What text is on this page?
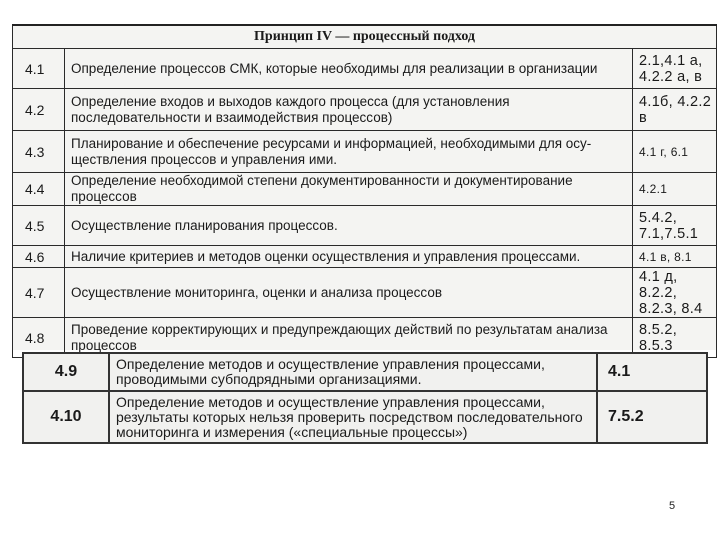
Принцип IV — процессный подход		
4.1	Определение процессов СМК, которые необходимы для реализации в организации	2.1,4.1 а, 4.2.2 а, в
4.2	Определение входов и выходов каждого процесса (для установления последовательности и взаимодействия процессов)	4.1б, 4.2.2 в
4.3	Планирование и обеспечение ресурсами и информацией, необходимыми для осу-ществления процессов и управления ими.	4.1 г, 6.1
4.4	Определение необходимой степени документированности и документирование процессов	4.2.1
4.5	Осуществление планирования процессов.	5.4.2, 7.1,7.5.1
4.6	Наличие критериев и методов оценки осуществления и управления процессами.	4.1 в, 8.1
4.7	Осуществление мониторинга, оценки и анализа процессов	4.1 д, 8.2.2, 8.2.3, 8.4
4.8	Проведение корректирующих и предупреждающих действий по результатам анализа процессов	8.5.2, 8.5.3
4.9	Определение методов и осуществление управления процессами, проводимыми субподрядными организациями.	4.1
4.10	Определение методов и осуществление управления процессами, результаты которых нельзя проверить посредством последовательного мониторинга и измерения («специальные процессы»)	7.5.2
5
